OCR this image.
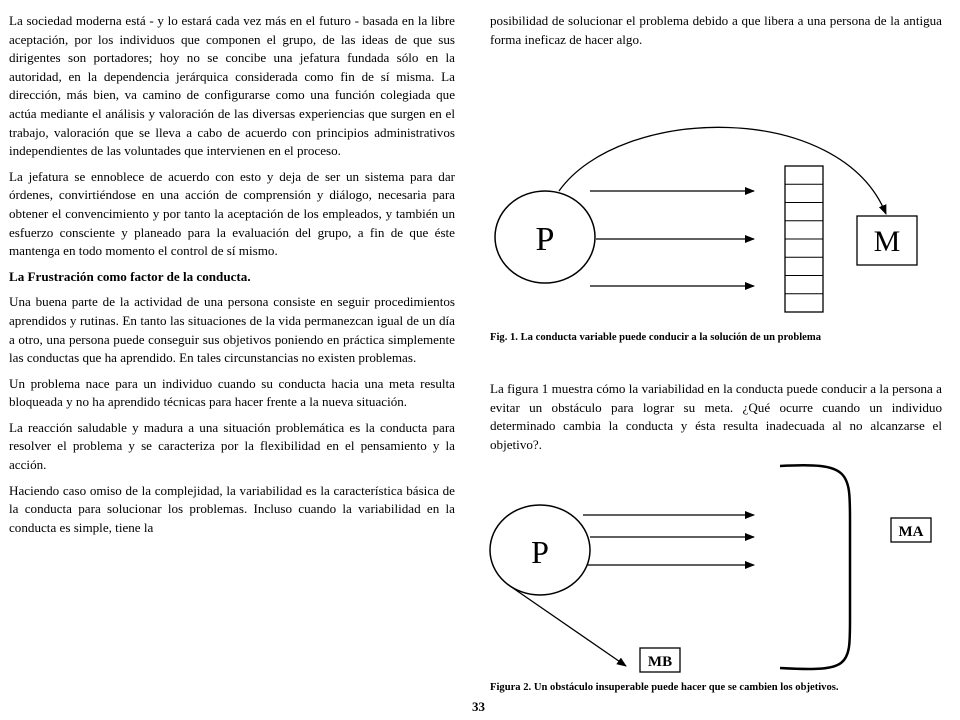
La sociedad moderna está - y lo estará cada vez más en el futuro - basada en la libre aceptación, por los individuos que componen el grupo, de las ideas de que sus dirigentes son portadores; hoy no se concibe una jefatura fundada sólo en la autoridad, en la dependencia jerárquica considerada como fin de sí misma. La dirección, más bien, va camino de configurarse como una función colegiada que actúa mediante el análisis y valoración de las diversas experiencias que surgen en el trabajo, valoración que se lleva a cabo de acuerdo con principios administrativos independientes de las voluntades que intervienen en el proceso.

La jefatura se ennoblece de acuerdo con esto y deja de ser un sistema para dar órdenes, convirtiéndose en una acción de comprensión y diálogo, necesaria para obtener el convencimiento y por tanto la aceptación de los empleados, y también un esfuerzo consciente y planeado para la evaluación del grupo, a fin de que éste mantenga en todo momento el control de sí mismo.

La Frustración como factor de la conducta.

Una buena parte de la actividad de una persona consiste en seguir procedimientos aprendidos y rutinas. En tanto las situaciones de la vida permanezcan igual de un día a otro, una persona puede conseguir sus objetivos poniendo en práctica simplemente las conductas que ha aprendido. En tales circunstancias no existen problemas.

Un problema nace para un individuo cuando su conducta hacia una meta resulta bloqueada y no ha aprendido técnicas para hacer frente a la nueva situación.

La reacción saludable y madura a una situación problemática es la conducta para resolver el problema y se caracteriza por la flexibilidad en el pensamiento y la acción.

Haciendo caso omiso de la complejidad, la variabilidad es la característica básica de la conducta para solucionar los problemas. Incluso cuando la variabilidad en la conducta es simple, tiene la

posibilidad de solucionar el problema debido a que libera a una persona de la antigua forma ineficaz de hacer algo.

La figura 1 muestra cómo la variabilidad en la conducta puede conducir a la persona a evitar un obstáculo para lograr su meta. ¿Qué ocurre cuando un individuo determinado cambia la conducta y ésta resulta inadecuada al no alcanzarse el objetivo?.

P	M
P
MA
MB
Fig. 1. La conducta variable puede conducir a la solución de un problema
Figura 2. Un obstáculo insuperable puede hacer que se cambien los objetivos.
33
